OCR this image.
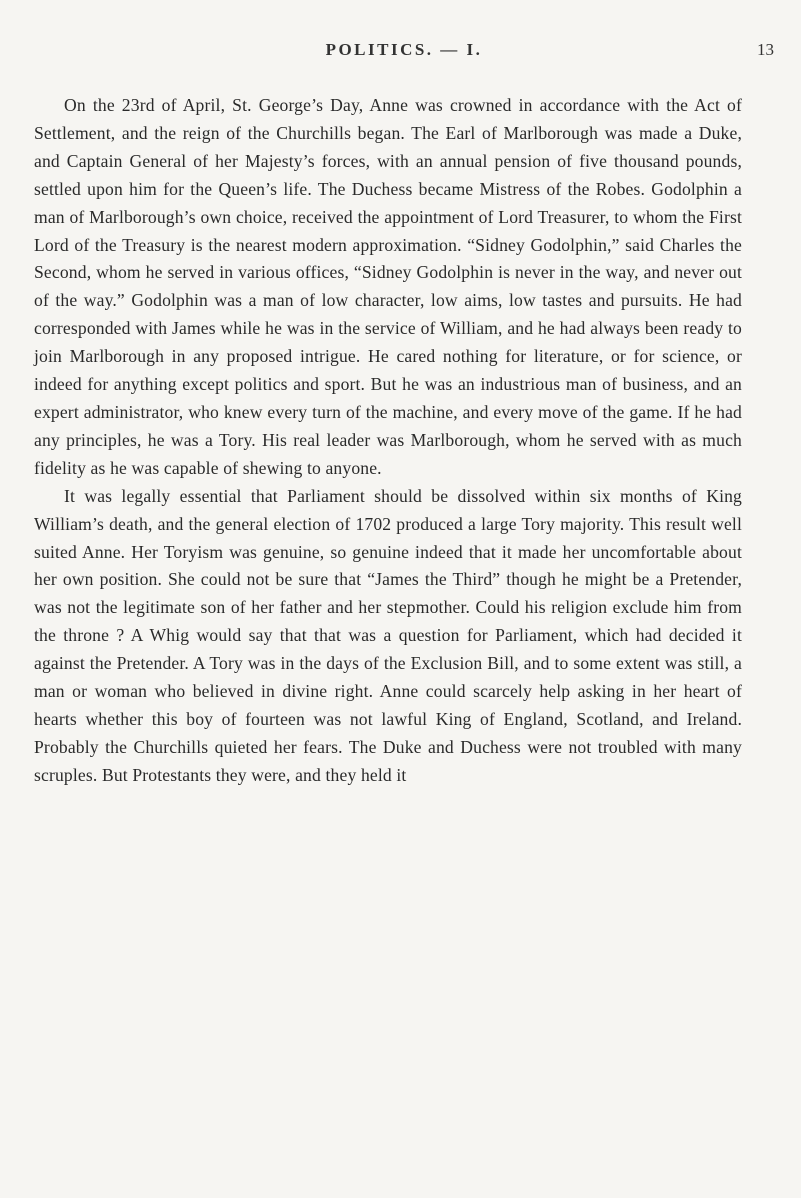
POLITICS. — I.	13

On the 23rd of April, St. George’s Day, Anne was crowned in accordance with the Act of Settlement, and the reign of the Churchills began. The Earl of Marlborough was made a Duke, and Captain General of her Majesty’s forces, with an annual pension of five thousand pounds, settled upon him for the Queen’s life. The Duchess became Mistress of the Robes. Godolphin a man of Marlborough’s own choice, received the appointment of Lord Treasurer, to whom the First Lord of the Treasury is the nearest modern approximation. “Sidney Godolphin,” said Charles the Second, whom he served in various offices, “Sidney Godolphin is never in the way, and never out of the way.” Godolphin was a man of low character, low aims, low tastes and pursuits. He had corresponded with James while he was in the service of William, and he had always been ready to join Marlborough in any proposed intrigue. He cared nothing for literature, or for science, or indeed for anything except politics and sport. But he was an industrious man of business, and an expert administrator, who knew every turn of the machine, and every move of the game. If he had any principles, he was a Tory. His real leader was Marlborough, whom he served with as much fidelity as he was capable of shewing to anyone.

It was legally essential that Parliament should be dissolved within six months of King William’s death, and the general election of 1702 produced a large Tory majority. This result well suited Anne. Her Toryism was genuine, so genuine indeed that it made her uncomfortable about her own position. She could not be sure that “James the Third” though he might be a Pretender, was not the legitimate son of her father and her stepmother. Could his religion exclude him from the throne ? A Whig would say that that was a question for Parliament, which had decided it against the Pretender. A Tory was in the days of the Exclusion Bill, and to some extent was still, a man or woman who believed in divine right. Anne could scarcely help asking in her heart of hearts whether this boy of fourteen was not lawful King of England, Scotland, and Ireland. Probably the Churchills quieted her fears. The Duke and Duchess were not troubled with many scruples. But Protestants they were, and they held it
